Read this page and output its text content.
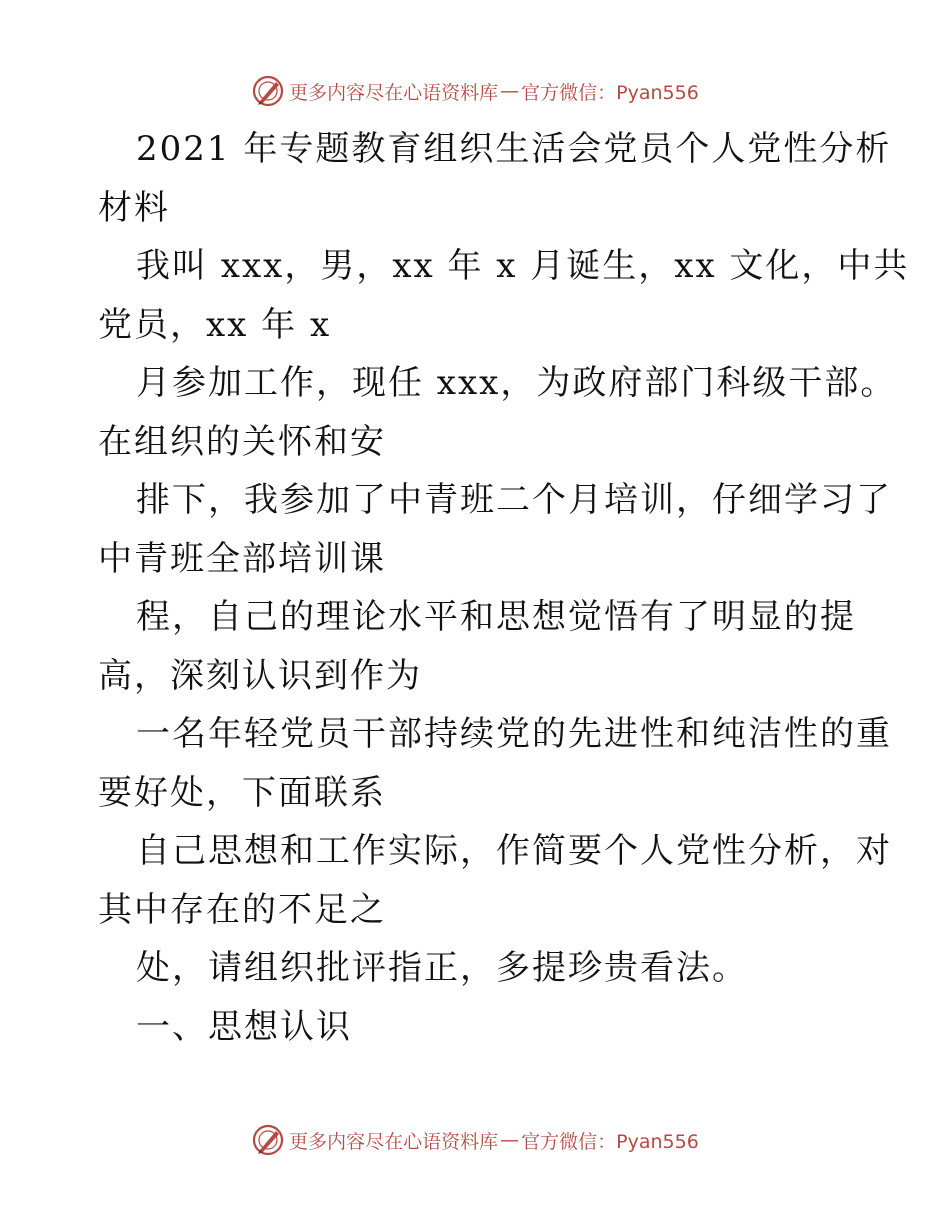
更多内容尽在心语资料库 — 官方微信：Pyan556
2021 年专题教育组织生活会党员个人党性分析
材料
我叫 xxx，男，xx 年 x 月诞生，xx 文化，中共
党员，xx 年 x
月参加工作，现任 xxx，为政府部门科级干部。
在组织的关怀和安
排下，我参加了中青班二个月培训，仔细学习了
中青班全部培训课
程，自己的理论水平和思想觉悟有了明显的提
高，深刻认识到作为
一名年轻党员干部持续党的先进性和纯洁性的重
要好处，下面联系
自己思想和工作实际，作简要个人党性分析，对
其中存在的不足之
处，请组织批评指正，多提珍贵看法。
一、思想认识
更多内容尽在心语资料库 — 官方微信：Pyan556
